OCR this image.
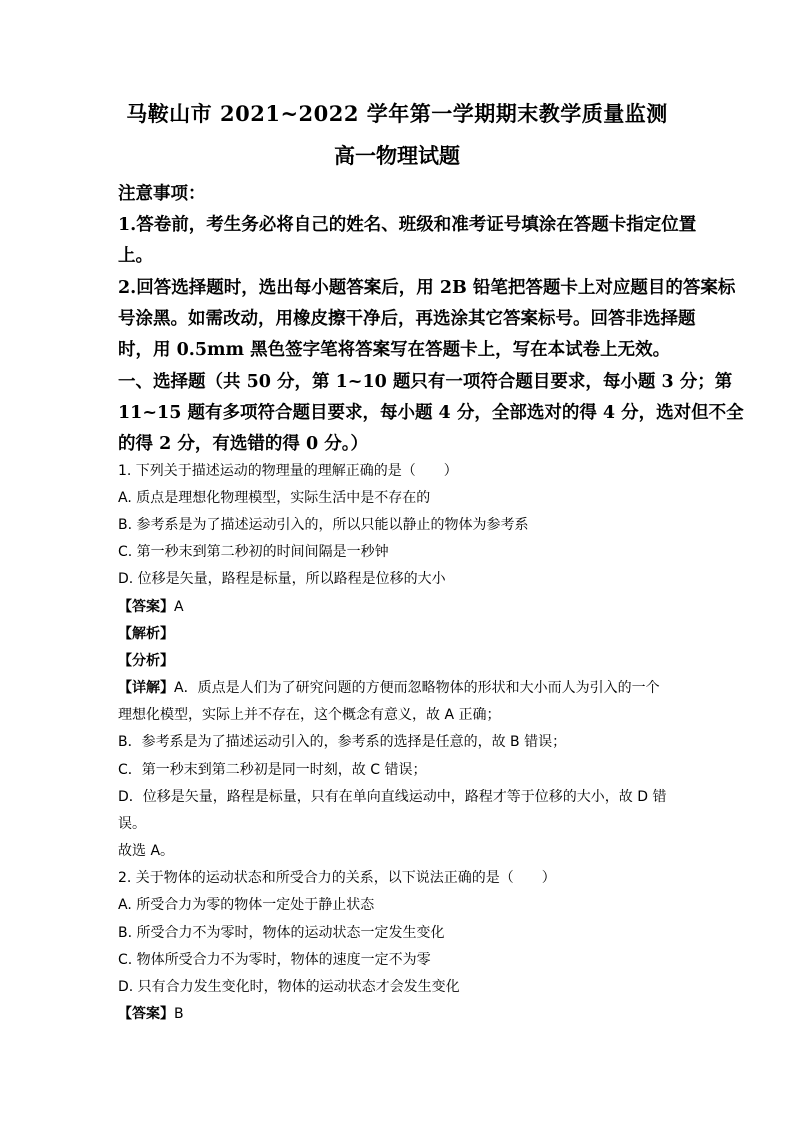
马鞍山市 2021~2022 学年第一学期期末教学质量监测
高一物理试题
注意事项：
1.答卷前，考生务必将自己的姓名、班级和准考证号填涂在答题卡指定位置
上。
2.回答选择题时，选出每小题答案后，用 2B 铅笔把答题卡上对应题目的答案标
号涂黑。如需改动，用橡皮擦干净后，再选涂其它答案标号。回答非选择题
时，用 0.5mm 黑色签字笔将答案写在答题卡上，写在本试卷上无效。
一、选择题（共 50 分，第 1~10 题只有一项符合题目要求，每小题 3 分；第
11~15 题有多项符合题目要求，每小题 4 分，全部选对的得 4 分，选对但不全
的得 2 分，有选错的得 0 分。）
1. 下列关于描述运动的物理量的理解正确的是（　　）
A. 质点是理想化物理模型，实际生活中是不存在的
B. 参考系是为了描述运动引入的，所以只能以静止的物体为参考系
C. 第一秒末到第二秒初的时间间隔是一秒钟
D. 位移是矢量，路程是标量，所以路程是位移的大小
【答案】A
【解析】
【分析】
【详解】A．质点是人们为了研究问题的方便而忽略物体的形状和大小而人为引入的一个
理想化模型，实际上并不存在，这个概念有意义，故 A 正确；
B．参考系是为了描述运动引入的，参考系的选择是任意的，故 B 错误；
C．第一秒末到第二秒初是同一时刻，故 C 错误；
D．位移是矢量，路程是标量，只有在单向直线运动中，路程才等于位移的大小，故 D 错
误。
故选 A。
2. 关于物体的运动状态和所受合力的关系，以下说法正确的是（　　）
A. 所受合力为零的物体一定处于静止状态
B. 所受合力不为零时，物体的运动状态一定发生变化
C. 物体所受合力不为零时，物体的速度一定不为零
D. 只有合力发生变化时，物体的运动状态才会发生变化
【答案】B
